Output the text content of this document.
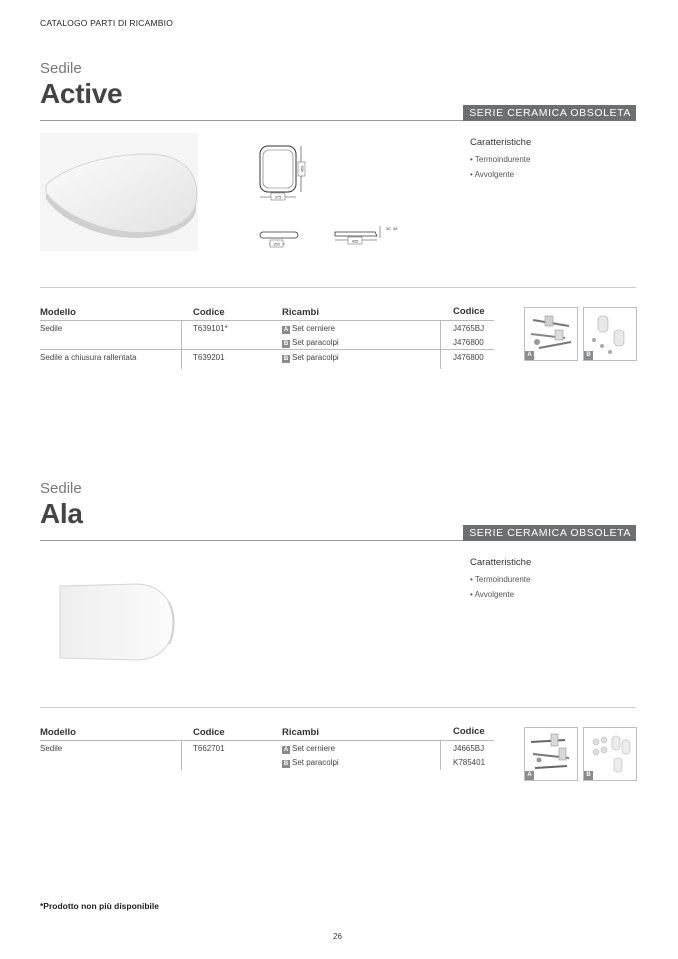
CATALOGO PARTI DI RICAMBIO
Sedile
Active
SERIE CERAMICA OBSOLETA
450
375
150
425
30 45
Caratteristiche
• Termoindurente
• Avvolgente
Modello	Codice	Ricambi	Codice
Sedile	T639101*	A Set cerniere	J4765BJ
B Set paracolpi	J476800
Sedile a chiusura rallentata	T639201	B Set paracolpi	J476800	A	B
Sedile
Ala
SERIE CERAMICA OBSOLETA
Caratteristiche
• Termoindurente
• Avvolgente
Modello	Codice	Ricambi	Codice
Sedile	T662701	A Set cerniere	J4665BJ
B Set paracolpi	K785401
A	B
*Prodotto non più disponibile
26
